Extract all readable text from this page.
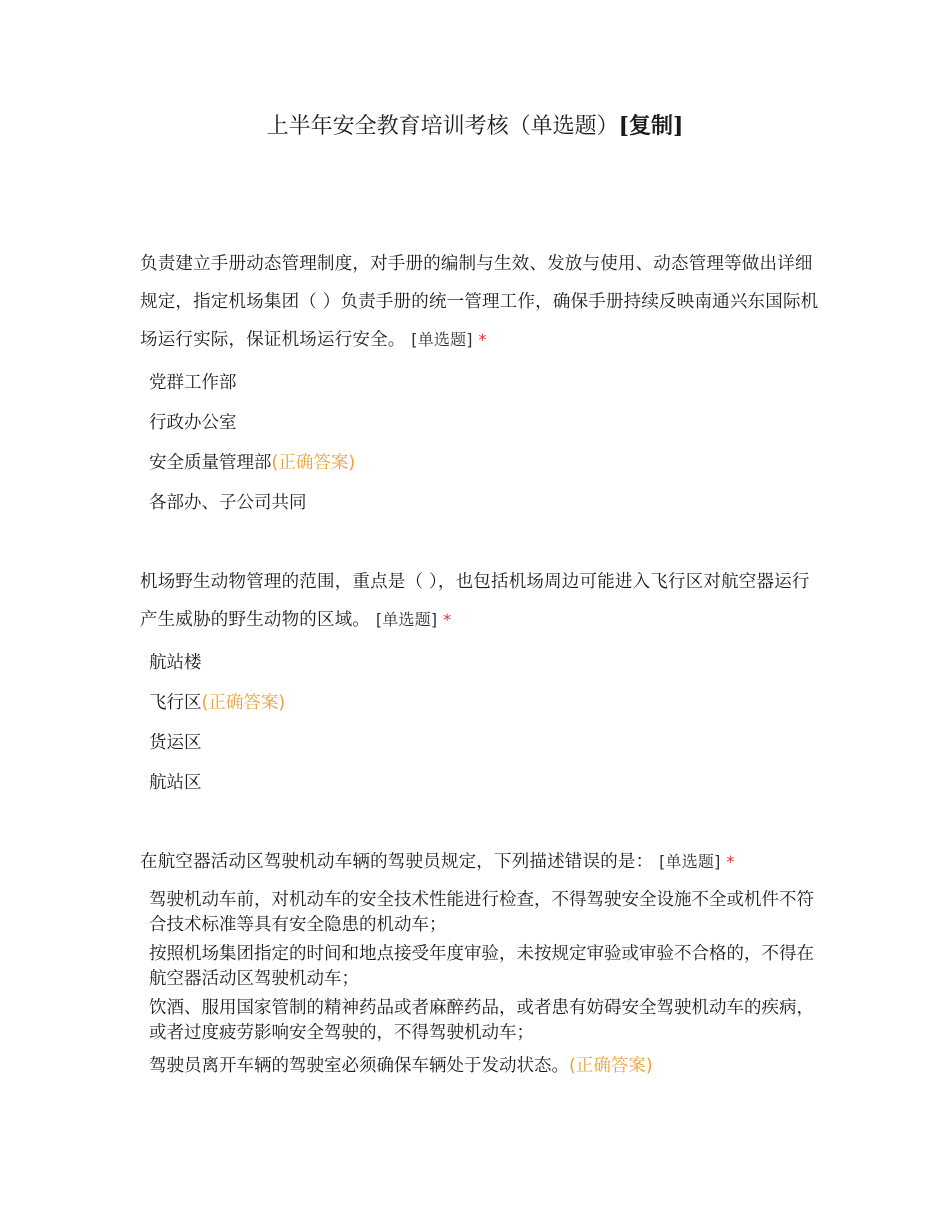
上半年安全教育培训考核（单选题）[复制]
负责建立手册动态管理制度，对手册的编制与生效、发放与使用、动态管理等做出详细规定，指定机场集团（ ）负责手册的统一管理工作，确保手册持续反映南通兴东国际机场运行实际，保证机场运行安全。 [单选题] *
党群工作部
行政办公室
安全质量管理部(正确答案)
各部办、子公司共同
机场野生动物管理的范围，重点是（ ），也包括机场周边可能进入飞行区对航空器运行产生威胁的野生动物的区域。 [单选题] *
航站楼
飞行区(正确答案)
货运区
航站区
在航空器活动区驾驶机动车辆的驾驶员规定，下列描述错误的是： [单选题] *
驾驶机动车前，对机动车的安全技术性能进行检查，不得驾驶安全设施不全或机件不符合技术标准等具有安全隐患的机动车；
按照机场集团指定的时间和地点接受年度审验，未按规定审验或审验不合格的，不得在航空器活动区驾驶机动车；
饮酒、服用国家管制的精神药品或者麻醉药品，或者患有妨碍安全驾驶机动车的疾病，或者过度疲劳影响安全驾驶的，不得驾驶机动车；
驾驶员离开车辆的驾驶室必须确保车辆处于发动状态。(正确答案)
